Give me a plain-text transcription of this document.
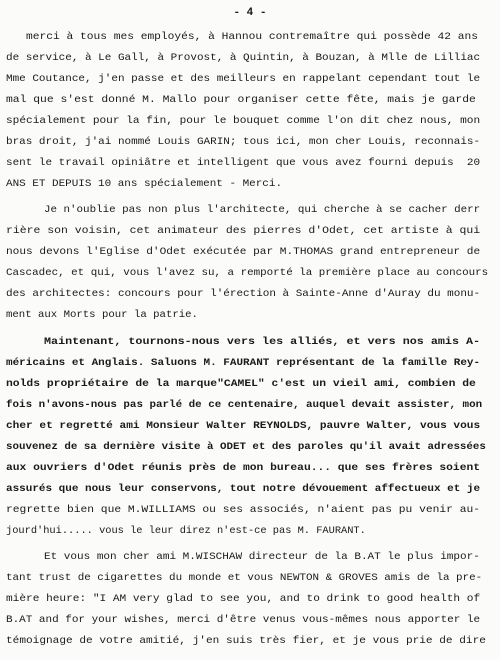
- 4 -
merci à tous mes employés, à Hannou contremaître qui possède 42 ans
de service, à Le Gall, à Provost, à Quintin, à Bouzan, à Mlle de Lilliac
Mme Coutance, j'en passe et des meilleurs en rappelant cependant tout le
mal que s'est donné M. Mallo pour organiser cette fête, mais je garde
spécialement pour la fin, pour le bouquet comme l'on dit chez nous, mon
bras droit, j'ai nommé Louis GARIN; tous ici, mon cher Louis, reconnais-
sent le travail opiniâtre et intelligent que vous avez fourni depuis  20
ANS ET DEPUIS 10 ans spécialement - Merci.
Je n'oublie pas non plus l'architecte, qui cherche à se cacher derr
rière son voisin, cet animateur des pierres d'Odet, cet artiste à qui
nous devons l'Eglise d'Odet exécutée par M.THOMAS grand entrepreneur de
Cascadec, et qui, vous l'avez su, a remporté la première place au concours
des architectes: concours pour l'érection à Sainte-Anne d'Auray du monu-
ment aux Morts pour la patrie.
Maintenant, tournons-nous vers les alliés, et vers nos amis A-
méricains et Anglais. Saluons M. FAURANT représentant de la famille Rey-
nolds propriétaire de la marque"CAMEL" c'est un vieil ami, combien de
fois n'avons-nous pas parlé de ce centenaire, auquel devait assister, mon
cher et regretté ami Monsieur Walter REYNOLDS, pauvre Walter, vous vous
souvenez de sa dernière visite à ODET et des paroles qu'il avait adressées
aux ouvriers d'Odet réunis près de mon bureau... que ses frères soient
assurés que nous leur conservons, tout notre dévouement affectueux et je
regrette bien que M.WILLIAMS ou ses associés, n'aient pas pu venir au-
jourd'hui..... vous le leur direz n'est-ce pas M. FAURANT.
Et vous mon cher ami M.WISCHAW directeur de la B.AT le plus impor-
tant trust de cigarettes du monde et vous NEWTON & GROVES amis de la pre-
mière heure: "I AM very glad to see you, and to drink to good health of
B.AT and for your wishes, merci d'être venus vous-mêmes nous apporter le
témoignage de votre amitié, j'en suis très fier, et je vous prie de dire
